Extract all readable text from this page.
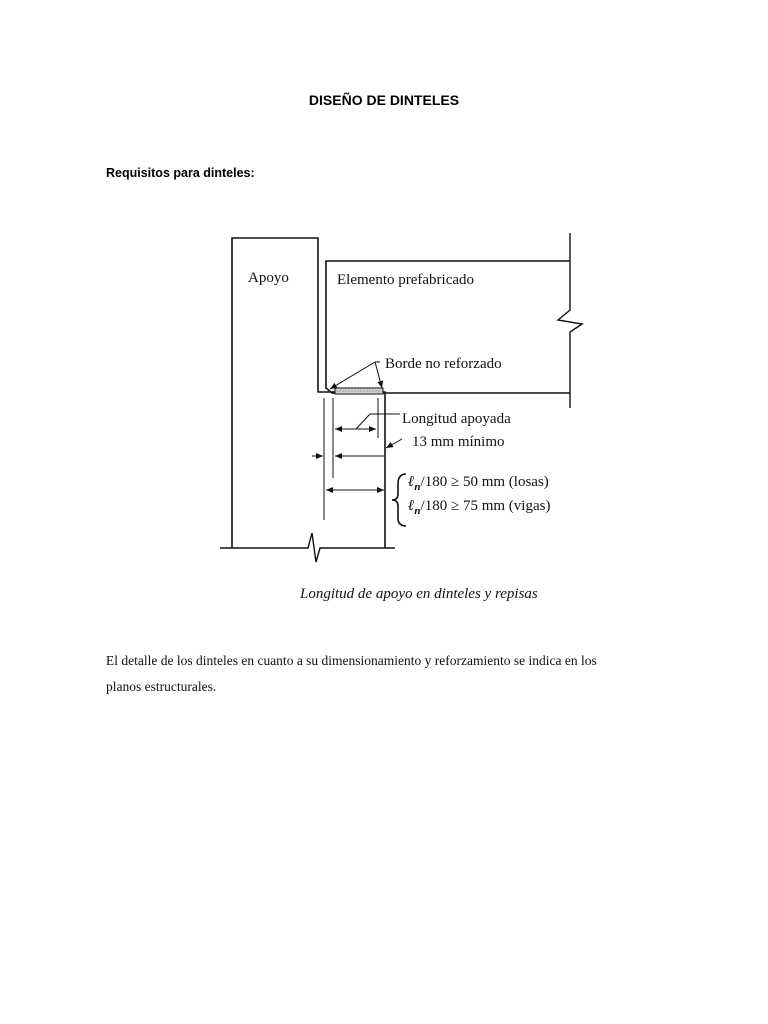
DISEÑO DE DINTELES
Requisitos para dinteles:
Apoyo	Elemento prefabricado
Borde no reforzado
Longitud apoyada
13 mm mínimo
ℓ$_n$/180 ≥ 50 mm (losas)
ℓ$_n$/180 ≥ 75 mm (vigas)
Longitud de apoyo en dinteles y repisas
El detalle de los dinteles en cuanto a su dimensionamiento y reforzamiento se indica en los
planos estructurales.
